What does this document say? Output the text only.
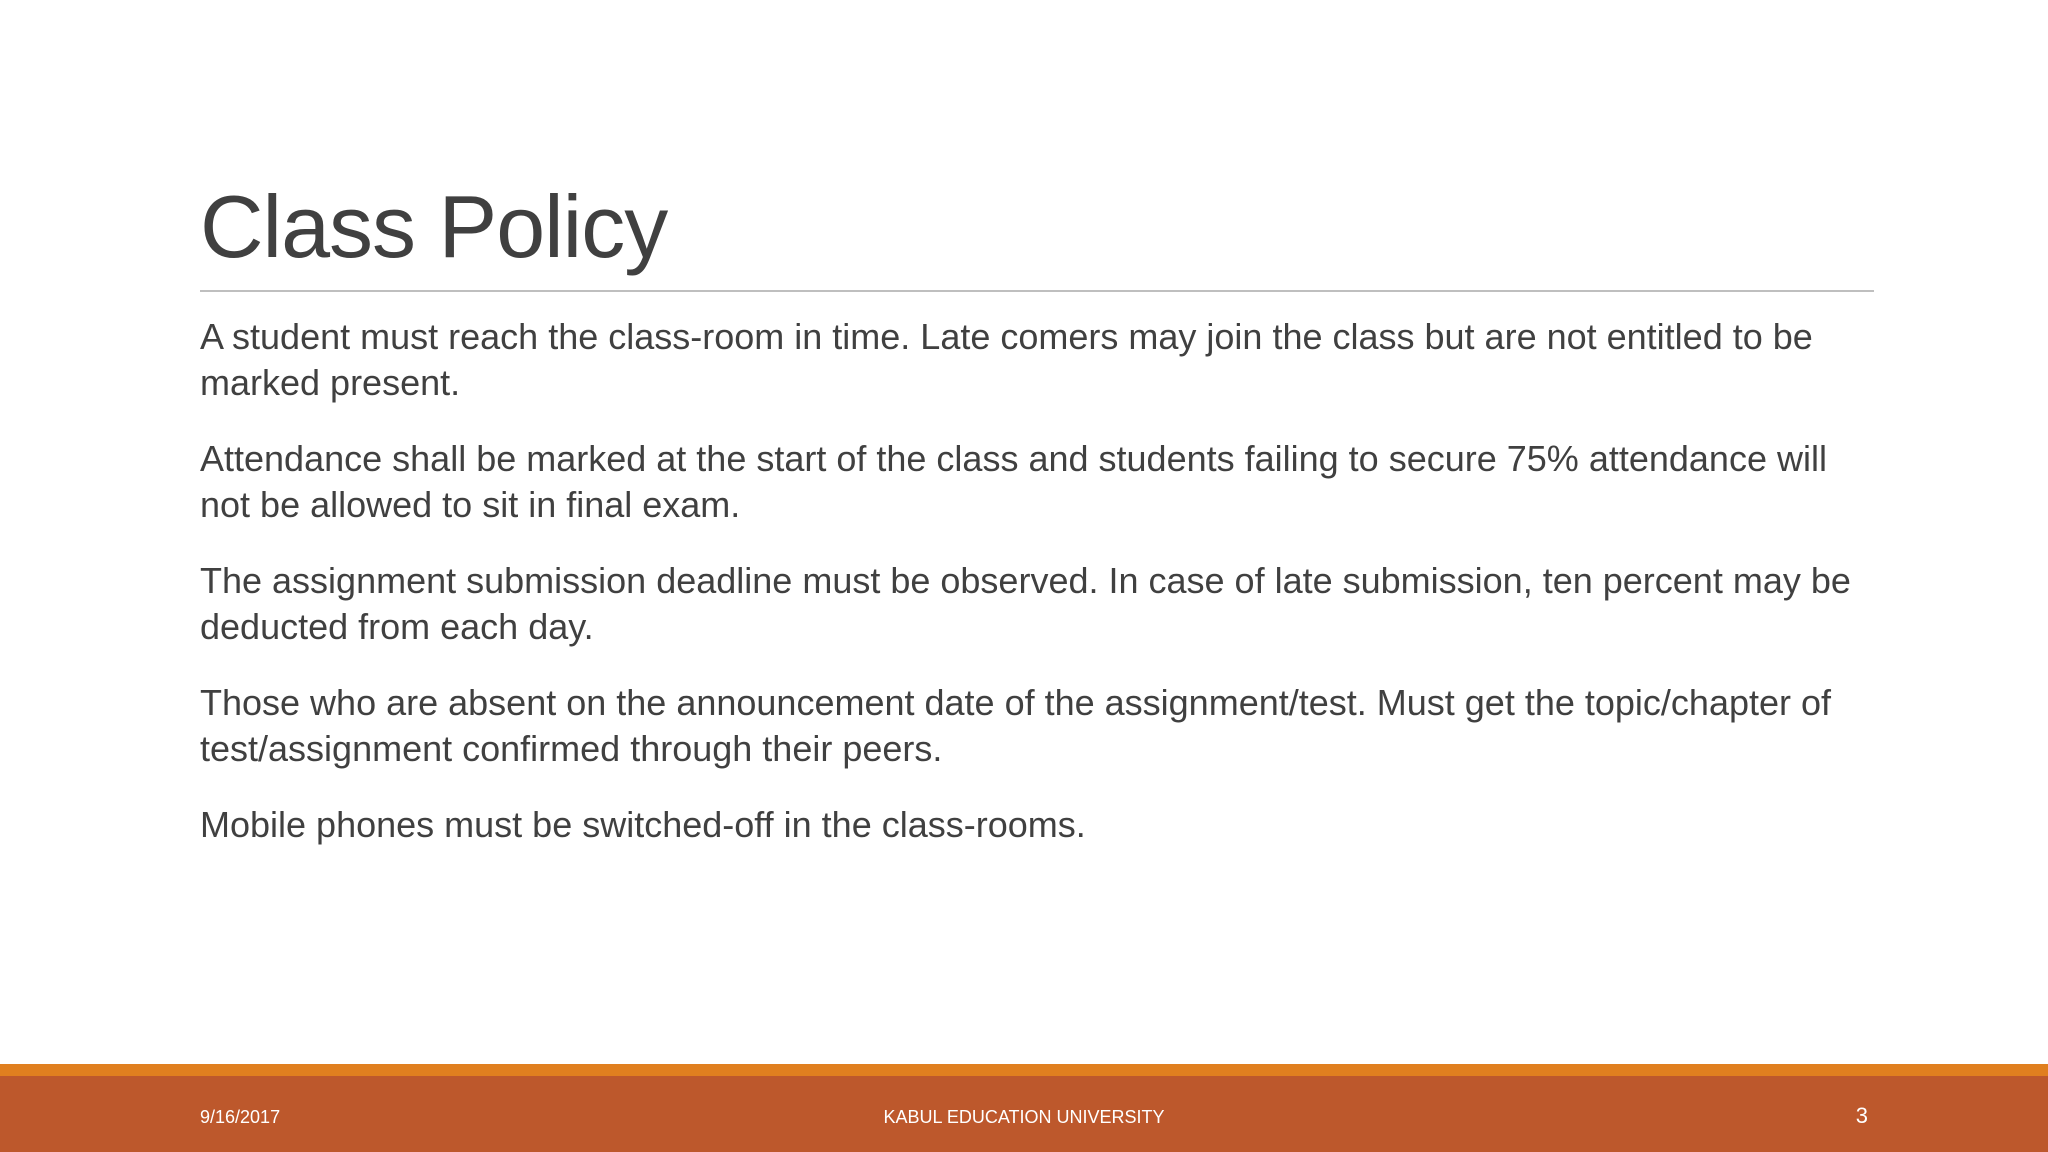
Class Policy

A student must reach the class-room in time. Late comers may join the class but are not entitled to be marked present.

Attendance shall be marked at the start of the class and students failing to secure 75% attendance will not be allowed to sit in final exam.

The assignment submission deadline must be observed. In case of late submission, ten percent may be deducted from each day.

Those who are absent on the announcement date of the assignment/test. Must get the topic/chapter of test/assignment confirmed through their peers.

Mobile phones must be switched-off in the class-rooms.

9/16/2017	KABUL EDUCATION UNIVERSITY	3
